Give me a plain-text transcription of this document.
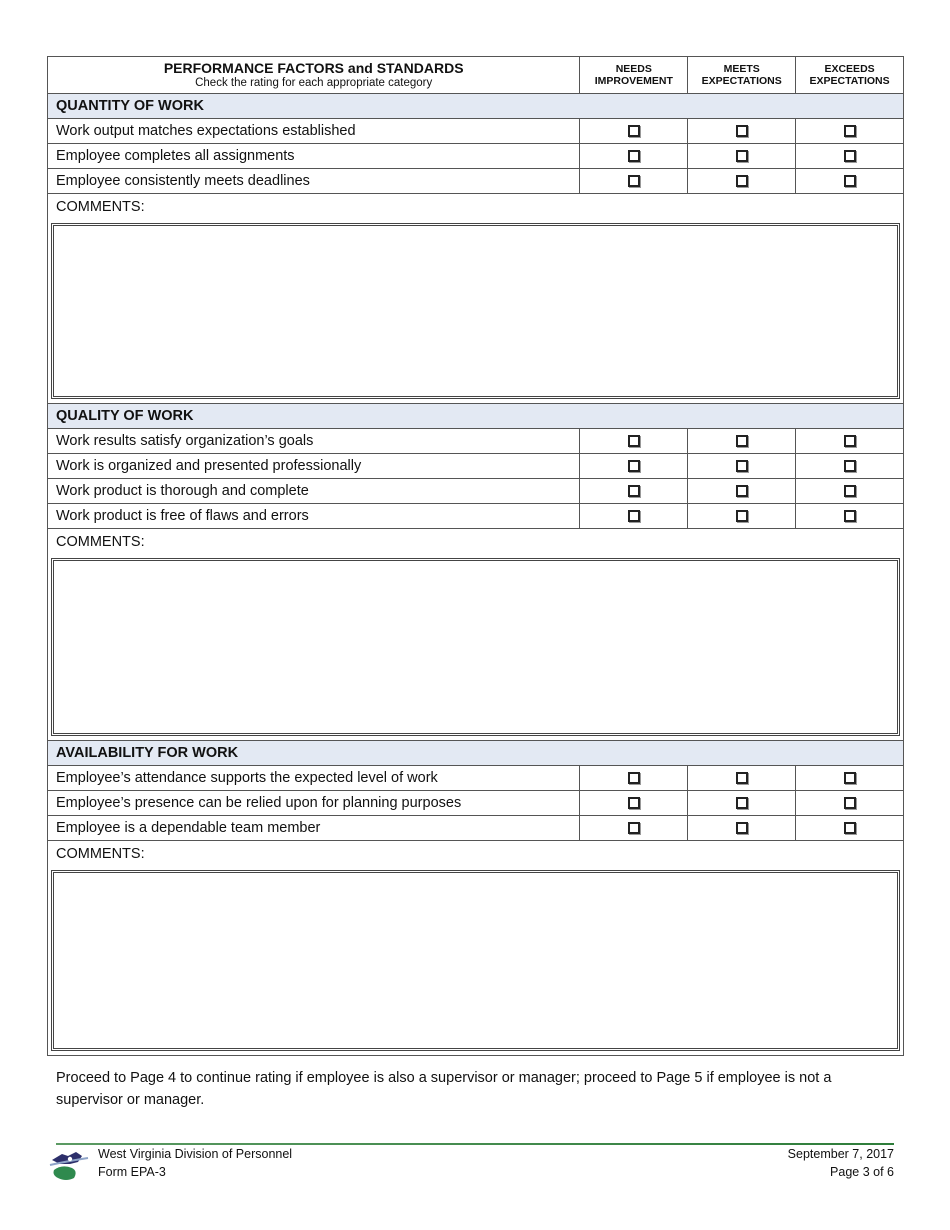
PERFORMANCE FACTORS and STANDARDS
Check the rating for each appropriate category
NEEDS
IMPROVEMENT
MEETS
EXPECTATIONS
EXCEEDS
EXPECTATIONS
QUANTITY OF WORK
Work output matches expectations established
Employee completes all assignments
Employee consistently meets deadlines
COMMENTS:
QUALITY OF WORK
Work results satisfy organization’s goals
Work is organized and presented professionally
Work product is thorough and complete
Work product is free of flaws and errors
COMMENTS:
AVAILABILITY FOR WORK
Employee’s attendance supports the expected level of work
Employee’s presence can be relied upon for planning purposes
Employee is a dependable team member
COMMENTS:
Proceed to Page 4 to continue rating if employee is also a supervisor or manager; proceed to Page 5 if employee is not a supervisor or manager.
West Virginia Division of Personnel
Form EPA-3
September 7, 2017
Page 3 of 6
